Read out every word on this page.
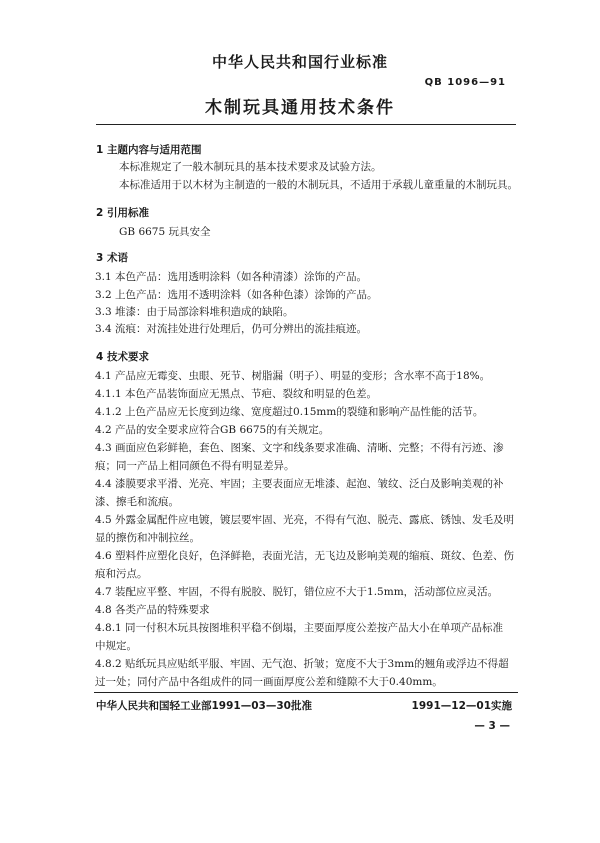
中华人民共和国行业标准
QB 1096—91
木制玩具通用技术条件
1 主题内容与适用范围
本标准规定了一般木制玩具的基本技术要求及试验方法。
本标准适用于以木材为主制造的一般的木制玩具，不适用于承载儿童重量的木制玩具。
2 引用标准
GB 6675 玩具安全
3 术语
3.1 本色产品：选用透明涂料（如各种清漆）涂饰的产品。
3.2 上色产品：选用不透明涂料（如各种色漆）涂饰的产品。
3.3 堆漆：由于局部涂料堆积造成的缺陷。
3.4 流痕：对流挂处进行处理后，仍可分辨出的流挂痕迹。
4 技术要求
4.1 产品应无霉变、虫眼、死节、树脂漏（明子）、明显的变形；含水率不高于18%。
4.1.1 本色产品装饰面应无黑点、节疤、裂纹和明显的色差。
4.1.2 上色产品应无长度到边缘、宽度超过0.15mm的裂缝和影响产品性能的活节。
4.2 产品的安全要求应符合GB 6675的有关规定。
4.3 画面应色彩鲜艳，套色、图案、文字和线条要求准确、清晰、完整；不得有污迹、渗
痕；同一产品上相同颜色不得有明显差异。
4.4 漆膜要求平滑、光亮、牢固；主要表面应无堆漆、起泡、皱纹、泛白及影响美观的补
漆、擦毛和流痕。
4.5 外露金属配件应电镀，镀层要牢固、光亮，不得有气泡、脱壳、露底、锈蚀、发毛及明
显的擦伤和冲制拉丝。
4.6 塑料件应塑化良好，色泽鲜艳，表面光洁，无飞边及影响美观的缩痕、斑纹、色差、伤
痕和污点。
4.7 装配应平整、牢固，不得有脱胶、脱钉，错位应不大于1.5mm，活动部位应灵活。
4.8 各类产品的特殊要求
4.8.1 同一付积木玩具按图堆积平稳不倒塌，主要面厚度公差按产品大小在单项产品标准
中规定。
4.8.2 贴纸玩具应贴纸平服、牢固、无气泡、折皱；宽度不大于3mm的翘角或浮边不得超
过一处；同付产品中各组成件的同一画面厚度公差和缝隙不大于0.40mm。
中华人民共和国轻工业部1991—03—30批准	1991—12—01实施
— 3 —
